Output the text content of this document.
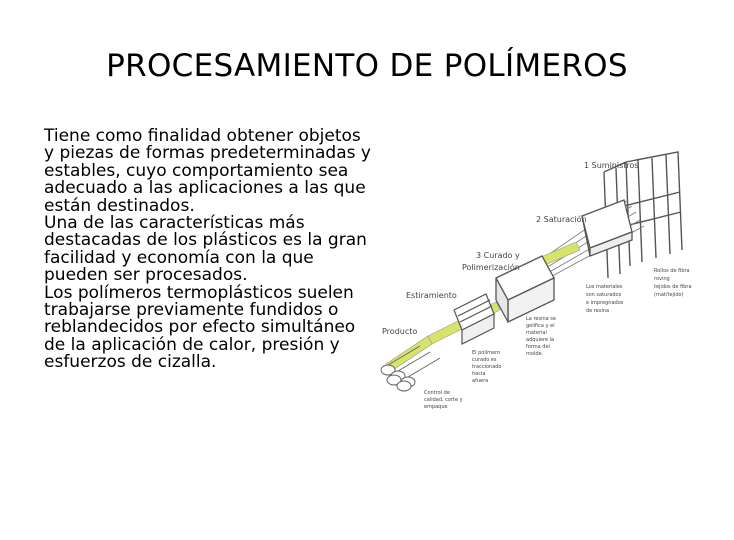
PROCESAMIENTO DE POLÍMEROS

Tiene como finalidad obtener objetos y piezas de formas predeterminadas y estables, cuyo comportamiento sea adecuado a las aplicaciones a las que están destinados.

Una de las características más destacadas de los plásticos es la gran facilidad y economía con la que pueden ser procesados.

Los polímeros termoplásticos suelen trabajarse previamente fundidos o reblandecidos por efecto simultáneo de la aplicación de calor, presión y esfuerzos de cizalla.

1 Suministros
2 Saturación
3 Curado y
Polimerización
Estiramiento
Producto
Rollos de fibra
roving
tejidos de fibra
(mat/tejido)
Los materiales
son saturados
e impregnados
de resina
La resina se
gelifica y el
material
adquiere la
forma del
molde.
El polímero
curado es
traccionado
hacia
afuera
Control de
calidad, corte y
empaque
